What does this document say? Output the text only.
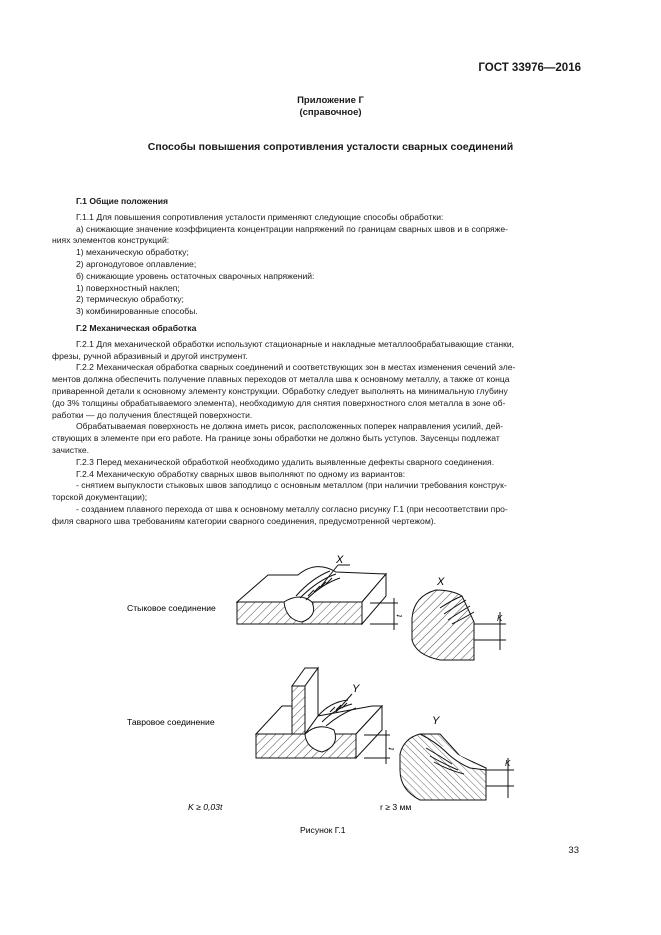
ГОСТ 33976—2016
Приложение Г
(справочное)
Способы повышения сопротивления усталости сварных соединений

Г.1 Общие положения

Г.1.1 Для повышения сопротивления усталости применяют следующие способы обработки:

а) снижающие значение коэффициента концентрации напряжений по границам сварных швов и в сопряже-

ниях элементов конструкций:

1) механическую обработку;

2) аргонодуговое оплавление;

б) снижающие уровень остаточных сварочных напряжений:

1) поверхностный наклеп;

2) термическую обработку;

3) комбинированные способы.

Г.2 Механическая обработка

Г.2.1 Для механической обработки используют стационарные и накладные металлообрабатывающие станки,

фрезы, ручной абразивный и другой инструмент.

Г.2.2 Механическая обработка сварных соединений и соответствующих зон в местах изменения сечений эле-

ментов должна обеспечить получение плавных переходов от металла шва к основному металлу, а также от конца

приваренной детали к основному элементу конструкции. Обработку следует выполнять на минимальную глубину

(до 3% толщины обрабатываемого элемента), необходимую для снятия поверхностного слоя металла в зоне об-

работки — до получения блестящей поверхности.

Обрабатываемая поверхность не должна иметь рисок, расположенных поперек направления усилий, дей-

ствующих в элементе при его работе. На границе зоны обработки не должно быть уступов. Заусенцы подлежат

зачистке.

Г.2.3 Перед механической обработкой необходимо удалить выявленные дефекты сварного соединения.

Г.2.4 Механическую обработку сварных швов выполняют по одному из вариантов:

- снятием выпуклости стыковых швов заподлицо с основным металлом (при наличии требования конструк-

торской документации);

- созданием плавного перехода от шва к основному металлу согласно рисунку Г.1 (при несоответствии про-

филя сварного шва требованиям категории сварного соединения, предусмотренной чертежом).

Стыковое соединение
Тавровое соединение
X
t
X
K
Y
t
Y
K
K ≥ 0,03t	r ≥ 3 мм
Рисунок Г.1
33
